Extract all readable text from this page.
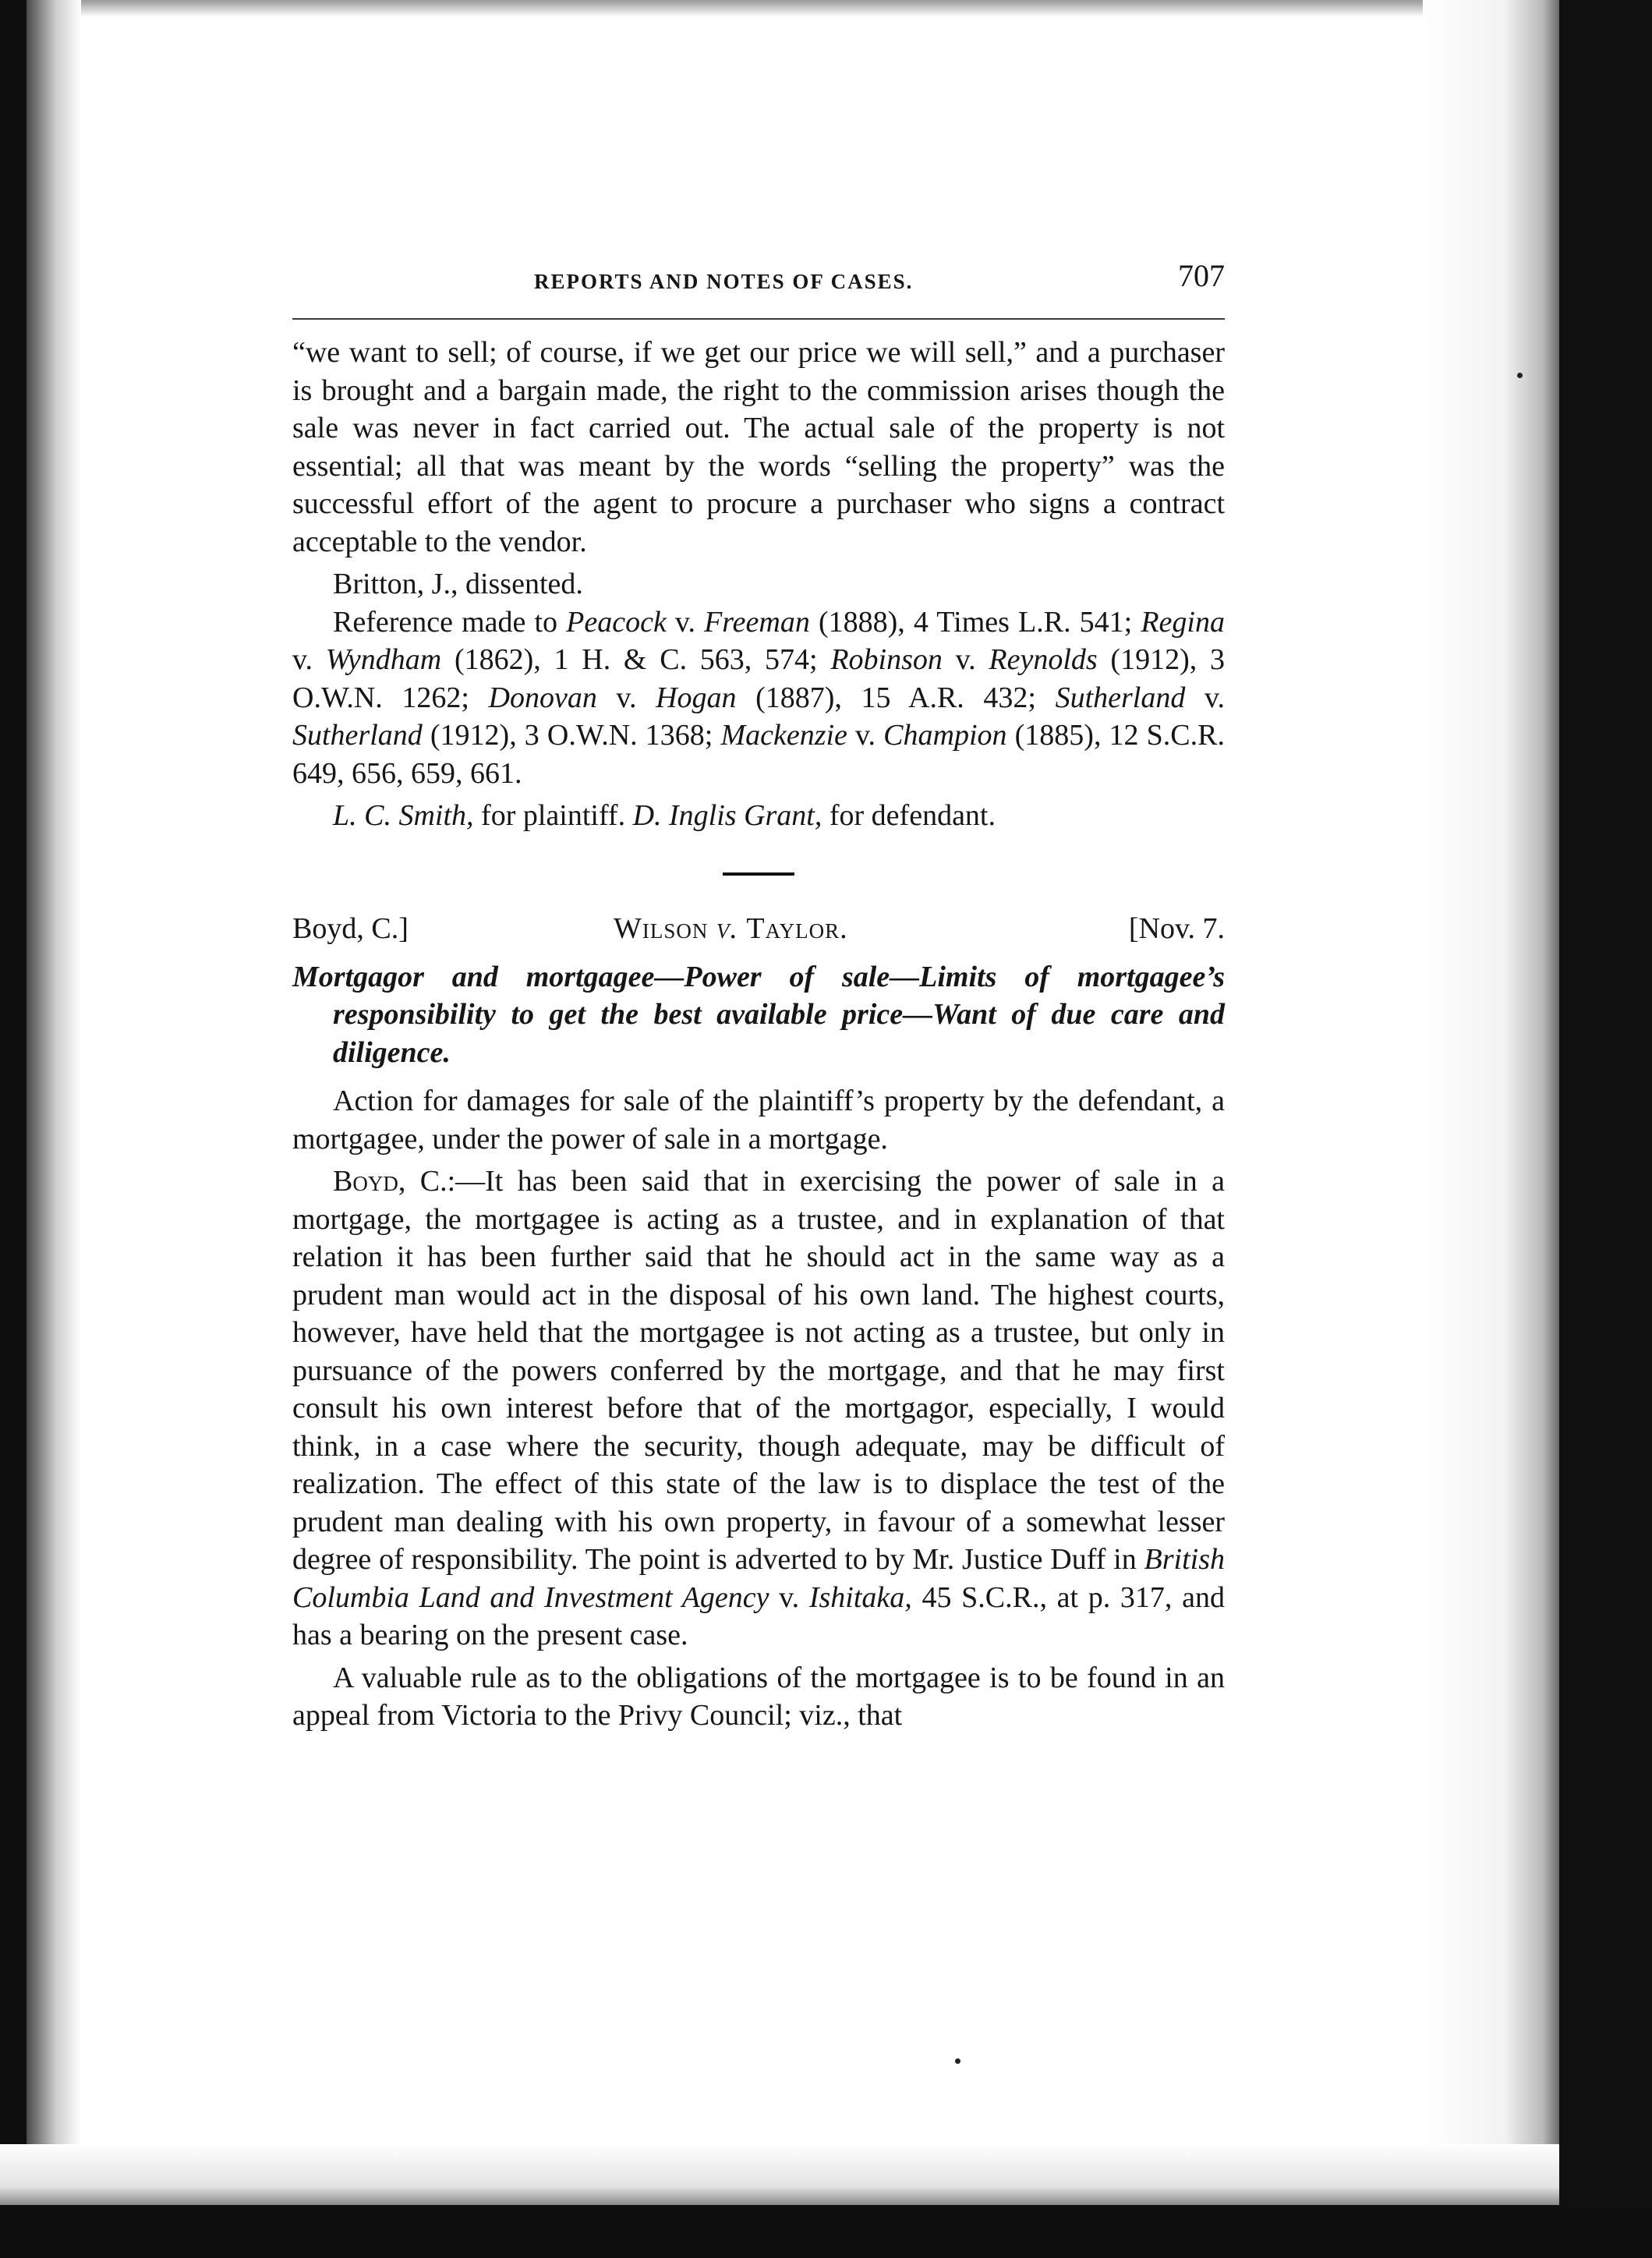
REPORTS AND NOTES OF CASES.	707

“we want to sell; of course, if we get our price we will sell,” and a purchaser is brought and a bargain made, the right to the commission arises though the sale was never in fact carried out. The actual sale of the property is not essential; all that was meant by the words “selling the property” was the successful effort of the agent to procure a purchaser who signs a contract acceptable to the vendor.

Britton, J., dissented.

Reference made to Peacock v. Freeman (1888), 4 Times L.R. 541; Regina v. Wyndham (1862), 1 H. & C. 563, 574; Robinson v. Reynolds (1912), 3 O.W.N. 1262; Donovan v. Hogan (1887), 15 A.R. 432; Sutherland v. Sutherland (1912), 3 O.W.N. 1368; Mackenzie v. Champion (1885), 12 S.C.R. 649, 656, 659, 661.

L. C. Smith, for plaintiff. D. Inglis Grant, for defendant.

Boyd, C.]	Wilson v. Taylor.	[Nov. 7.

Mortgagor and mortgagee—Power of sale—Limits of mortgagee’s responsibility to get the best available price—Want of due care and diligence.

Action for damages for sale of the plaintiff’s property by the defendant, a mortgagee, under the power of sale in a mortgage.

Boyd, C.:—It has been said that in exercising the power of sale in a mortgage, the mortgagee is acting as a trustee, and in explanation of that relation it has been further said that he should act in the same way as a prudent man would act in the disposal of his own land. The highest courts, however, have held that the mortgagee is not acting as a trustee, but only in pursuance of the powers conferred by the mortgage, and that he may first consult his own interest before that of the mortgagor, especially, I would think, in a case where the security, though adequate, may be difficult of realization. The effect of this state of the law is to displace the test of the prudent man dealing with his own property, in favour of a somewhat lesser degree of responsibility. The point is adverted to by Mr. Justice Duff in British Columbia Land and Investment Agency v. Ishitaka, 45 S.C.R., at p. 317, and has a bearing on the present case.

A valuable rule as to the obligations of the mortgagee is to be found in an appeal from Victoria to the Privy Council; viz., that
